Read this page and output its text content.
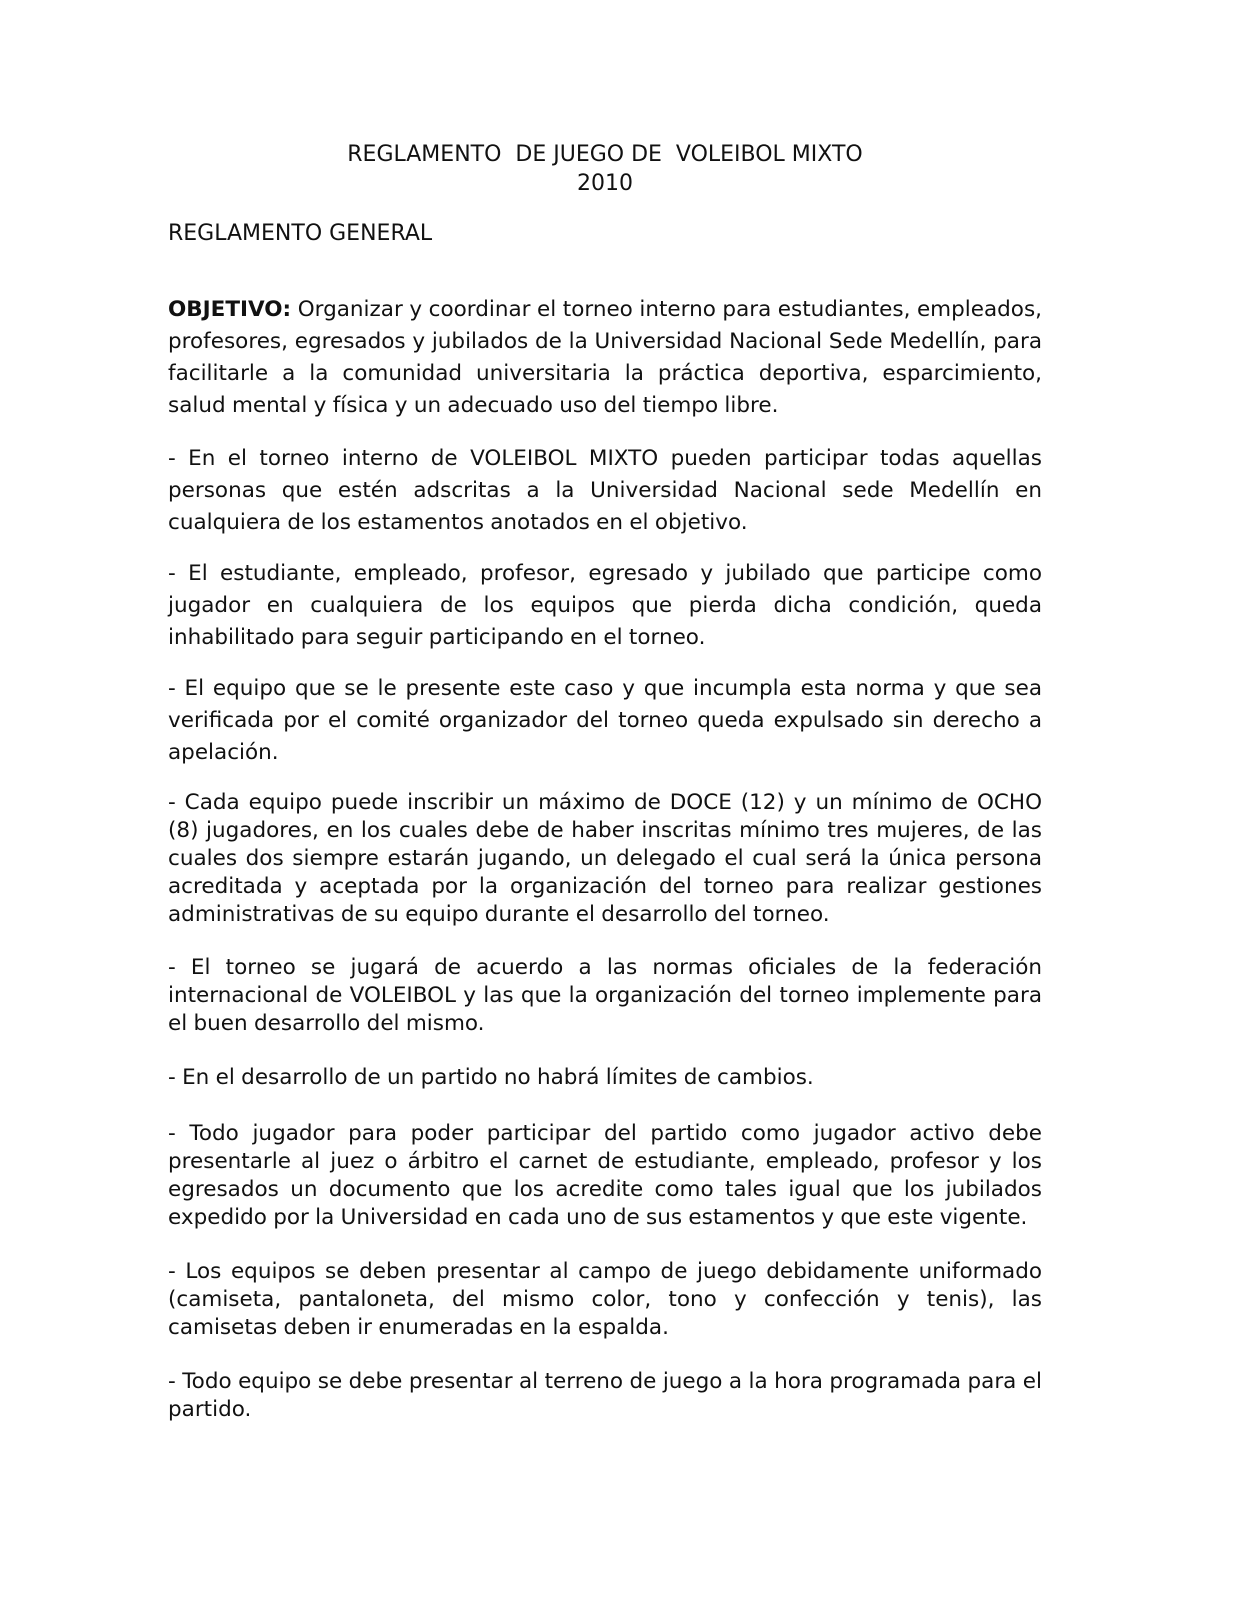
REGLAMENTO  DE JUEGO DE  VOLEIBOL MIXTO
2010
REGLAMENTO GENERAL
OBJETIVO: Organizar y coordinar el torneo interno para estudiantes, empleados, profesores, egresados y jubilados de la Universidad Nacional Sede Medellín, para facilitarle a la comunidad universitaria la práctica deportiva, esparcimiento, salud mental y física y un adecuado uso del tiempo libre.
- En el torneo interno de VOLEIBOL MIXTO pueden participar todas aquellas personas que estén adscritas a la Universidad Nacional sede Medellín en cualquiera de los estamentos anotados en el objetivo.
- El estudiante, empleado, profesor, egresado y jubilado que participe como jugador en cualquiera de los equipos que pierda dicha condición, queda inhabilitado para seguir participando en el torneo.
- El equipo que se le presente este caso y que incumpla esta norma y que sea verificada por el comité organizador del torneo queda expulsado sin derecho a apelación.
- Cada equipo puede inscribir un máximo de DOCE (12) y un mínimo de OCHO (8) jugadores, en los cuales debe de haber inscritas mínimo tres mujeres, de las cuales dos siempre estarán jugando, un delegado el cual será la única persona acreditada y aceptada por la organización del torneo para realizar gestiones administrativas de su equipo durante el desarrollo del torneo.
- El torneo se jugará de acuerdo a las normas oficiales de la federación internacional de VOLEIBOL y las que la organización del torneo implemente para el buen desarrollo del mismo.
- En el desarrollo de un partido no habrá límites de cambios.
- Todo jugador para poder participar del partido como jugador activo debe presentarle al juez o árbitro el carnet de estudiante, empleado, profesor y los egresados un documento que los acredite como tales igual que los jubilados expedido por la Universidad en cada uno de sus estamentos y que este vigente.
- Los equipos se deben presentar al campo de juego debidamente uniformado (camiseta, pantaloneta, del mismo color, tono y confección y tenis), las camisetas deben ir enumeradas en la espalda.
- Todo equipo se debe presentar al terreno de juego a la hora programada para el partido.
